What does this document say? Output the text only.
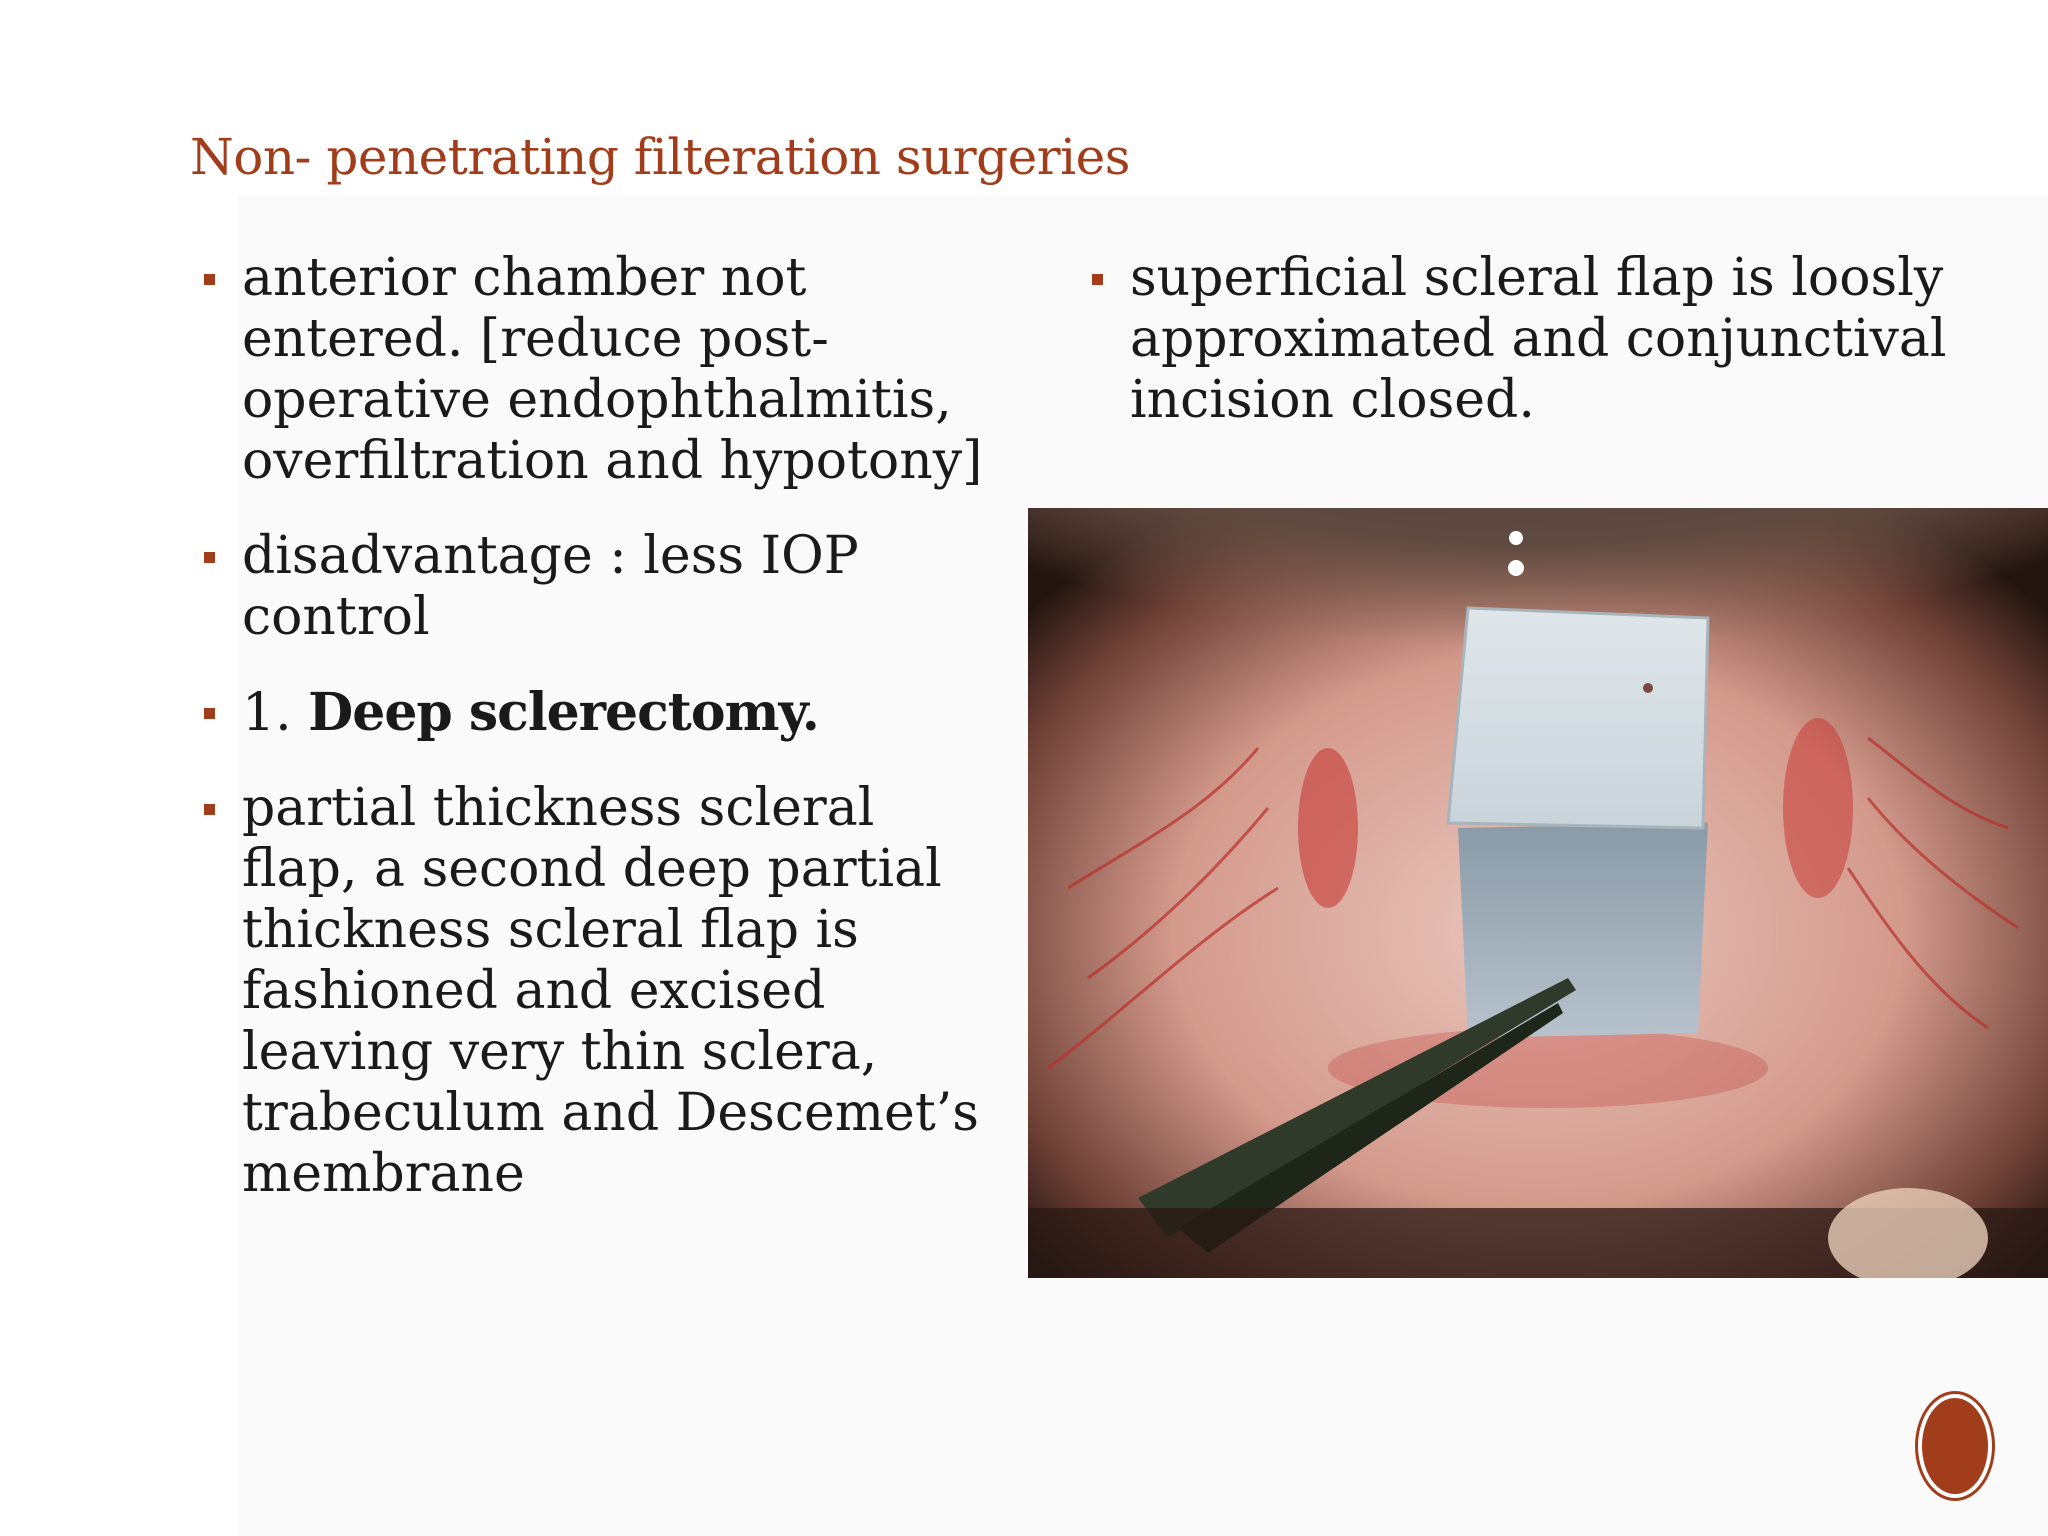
Non- penetrating filteration surgeries
anterior chamber not entered. [reduce post-operative endophthalmitis, overfiltration and hypotony]
disadvantage : less IOP control
1. Deep sclerectomy.
partial thickness scleral flap, a second deep partial thickness scleral flap is fashioned and excised leaving very thin sclera, trabeculum and Descemet’s membrane
superficial scleral flap is loosly approximated and conjunctival incision closed.
